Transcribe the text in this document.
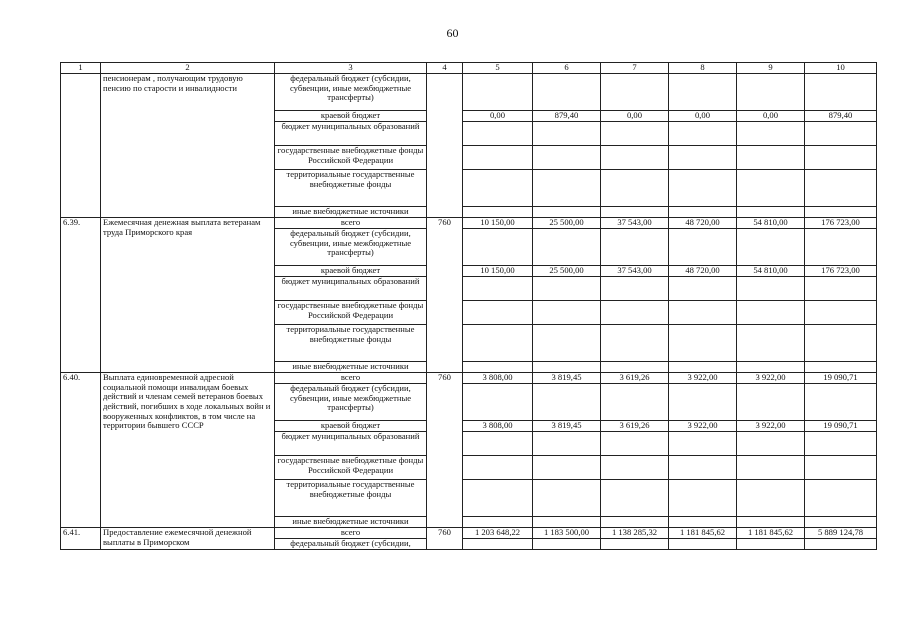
60
1	2	3	4	5	6	7	8	9	10
	пенсионерам , получающим трудовую пенсию по старости и инвалидности	федеральный бюджет (субсидии, субвенции, иные межбюджетные трансферты)							
		краевой бюджет		0,00	879,40	0,00	0,00	0,00	879,40
		бюджет муниципальных образований							
		государственные внебюджетные фонды Российской Федерации							
		территориальные государственные внебюджетные фонды							
		иные внебюджетные источники							
6.39.	Ежемесячная денежная выплата ветеранам труда Приморского края	всего	760	10 150,00	25 500,00	37 543,00	48 720,00	54 810,00	176 723,00
		федеральный бюджет (субсидии, субвенции, иные межбюджетные трансферты)							
		краевой бюджет		10 150,00	25 500,00	37 543,00	48 720,00	54 810,00	176 723,00
		бюджет муниципальных образований							
		государственные внебюджетные фонды Российской Федерации							
		территориальные государственные внебюджетные фонды							
		иные внебюджетные источники							
6.40.	Выплата единовременной адресной социальной помощи инвалидам боевых действий и членам семей ветеранов боевых действий, погибших в ходе локальных войн и вооруженных конфликтов, в том числе на территории бывшего СССР	всего	760	3 808,00	3 819,45	3 619,26	3 922,00	3 922,00	19 090,71
		федеральный бюджет (субсидии, субвенции, иные межбюджетные трансферты)							
		краевой бюджет		3 808,00	3 819,45	3 619,26	3 922,00	3 922,00	19 090,71
		бюджет муниципальных образований							
		государственные внебюджетные фонды Российской Федерации							
		территориальные государственные внебюджетные фонды							
		иные внебюджетные источники							
6.41.	Предоставление ежемесячной денежной выплаты в Приморском	всего	760	1 203 648,22	1 183 500,00	1 138 285,32	1 181 845,62	1 181 845,62	5 889 124,78
		федеральный бюджет (субсидии,							
